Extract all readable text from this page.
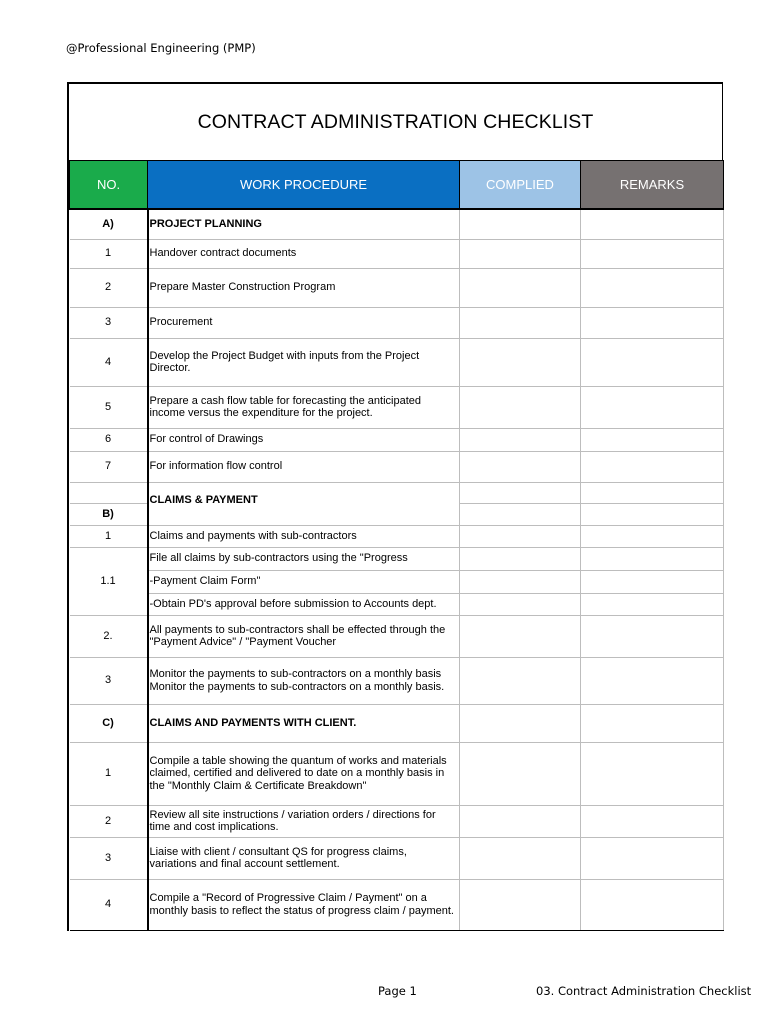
@Professional Engineering (PMP)
CONTRACT ADMINISTRATION CHECKLIST
NO.	WORK PROCEDURE	COMPLIED	REMARKS
A)	PROJECT PLANNING		
1	Handover contract documents		
2	Prepare Master Construction Program		
3	Procurement		
4	Develop the Project Budget with inputs from the Project Director.		
5	Prepare a cash flow table for forecasting the anticipated income versus the expenditure for the project.		
6	For control of Drawings		
7	For information flow control		
	CLAIMS & PAYMENT		
B)			
1	Claims and payments with sub-contractors		
1.1	File all claims by sub-contractors using the "Progress		
	-Payment Claim Form"		
	-Obtain PD's approval before submission to Accounts dept.		
2.	All payments to sub-contractors shall be effected through the "Payment Advice" / "Payment Voucher		
3	Monitor the payments to sub-contractors on a monthly basis Monitor the payments to sub-contractors on a monthly basis.		
C)	CLAIMS AND PAYMENTS WITH CLIENT.		
1	Compile a table showing the quantum of works and materials claimed, certified and delivered to date on a monthly basis in the "Monthly Claim & Certificate Breakdown"		
2	Review all site instructions / variation orders / directions for time and cost implications.		
3	Liaise with client / consultant QS for progress claims, variations and final account settlement.		
4	Compile a "Record of Progressive Claim / Payment" on a monthly basis to reflect the status of progress claim / payment.		
Page 1	03. Contract Administration Checklist
